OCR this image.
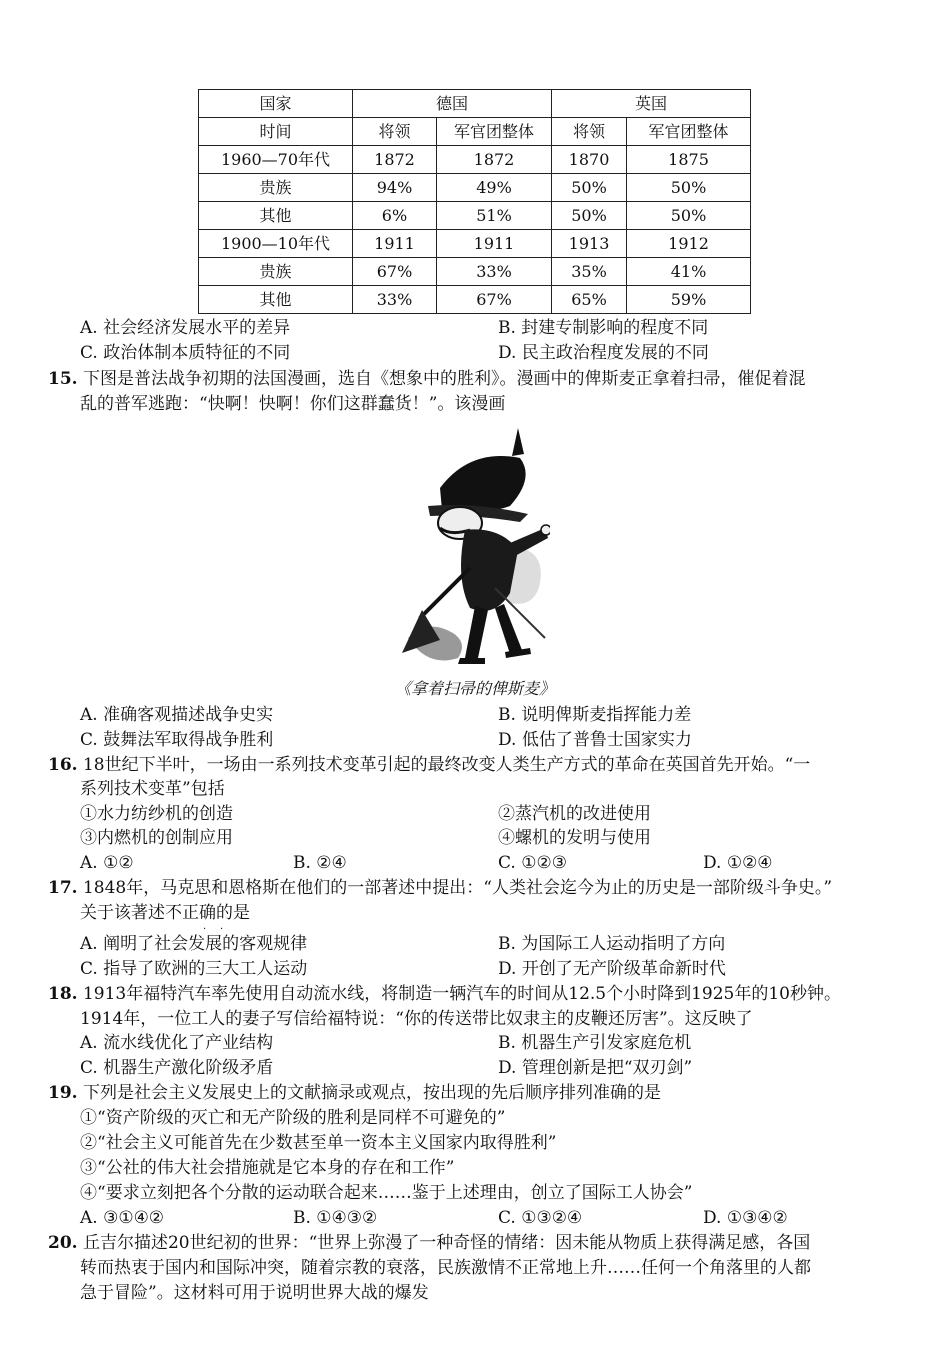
国家	德国		英国	
时间	将领	军官团整体	将领	军官团整体
1960—70年代	1872	1872	1870	1875
贵族	94%	49%	50%	50%
其他	6%	51%	50%	50%
1900—10年代	1911	1911	1913	1912
贵族	67%	33%	35%	41%
其他	33%	67%	65%	59%
A. 社会经济发展水平的差异	B. 封建专制影响的程度不同
C. 政治体制本质特征的不同	D. 民主政治程度发展的不同
15. 下图是普法战争初期的法国漫画，选自《想象中的胜利》。漫画中的俾斯麦正拿着扫帚，催促着混
乱的普军逃跑：“快啊！快啊！你们这群蠢货！”。该漫画
《拿着扫帚的俾斯麦》
A. 准确客观描述战争史实	B. 说明俾斯麦指挥能力差
C. 鼓舞法军取得战争胜利	D. 低估了普鲁士国家实力
16. 18世纪下半叶，一场由一系列技术变革引起的最终改变人类生产方式的革命在英国首先开始。“一
系列技术变革”包括
①水力纺纱机的创造	②蒸汽机的改进使用
③内燃机的创制应用	④螺机的发明与使用
A. ①②	B. ②④	C. ①②③	D. ①②④
17. 1848年，马克思和恩格斯在他们的一部著述中提出：“人类社会迄今为止的历史是一部阶级斗争史。”
关于该著述不正确的是
· ·
A. 阐明了社会发展的客观规律	B. 为国际工人运动指明了方向
C. 指导了欧洲的三大工人运动	D. 开创了无产阶级革命新时代
18. 1913年福特汽车率先使用自动流水线，将制造一辆汽车的时间从12.5个小时降到1925年的10秒钟。
1914年，一位工人的妻子写信给福特说：“你的传送带比奴隶主的皮鞭还厉害”。这反映了
A. 流水线优化了产业结构	B. 机器生产引发家庭危机
C. 机器生产激化阶级矛盾	D. 管理创新是把“双刃剑”
19. 下列是社会主义发展史上的文献摘录或观点，按出现的先后顺序排列准确的是
①“资产阶级的灭亡和无产阶级的胜利是同样不可避免的”
②“社会主义可能首先在少数甚至单一资本主义国家内取得胜利”
③“公社的伟大社会措施就是它本身的存在和工作”
④“要求立刻把各个分散的运动联合起来……鉴于上述理由，创立了国际工人协会”
A. ③①④②	B. ①④③②	C. ①③②④	D. ①③④②
20. 丘吉尔描述20世纪初的世界：“世界上弥漫了一种奇怪的情绪：因未能从物质上获得满足感，各国
转而热衷于国内和国际冲突，随着宗教的衰落，民族激情不正常地上升……任何一个角落里的人都
急于冒险”。这材料可用于说明世界大战的爆发
